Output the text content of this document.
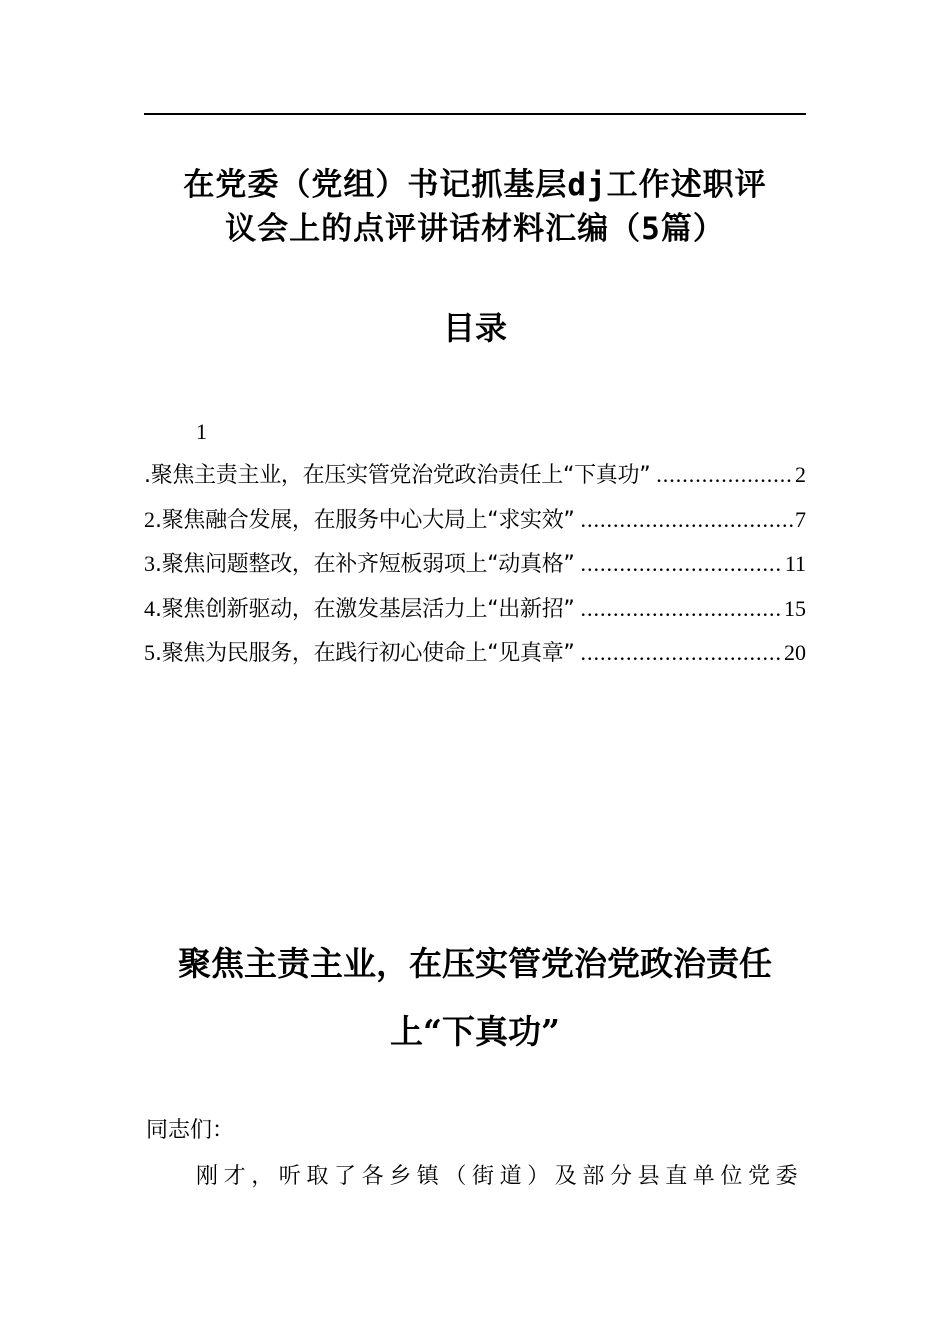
在党委（党组）书记抓基层dj工作述职评
议会上的点评讲话材料汇编（5篇）
目录
1
.聚焦主责主业，在压实管党治党政治责任上“下真功” .....	2
2 .聚焦融合发展，在服务中心大局上“求实效” .....	7
3 .聚焦问题整改，在补齐短板弱项上“动真格” .....	11
4 .聚焦创新驱动，在激发基层活力上“出新招” .....	15
5 .聚焦为民服务，在践行初心使命上“见真章” .....	20
聚焦主责主业，在压实管党治党政治责任
上“下真功”
同志们：
刚才，听取了各乡镇（街道）及部分县直单位党委
